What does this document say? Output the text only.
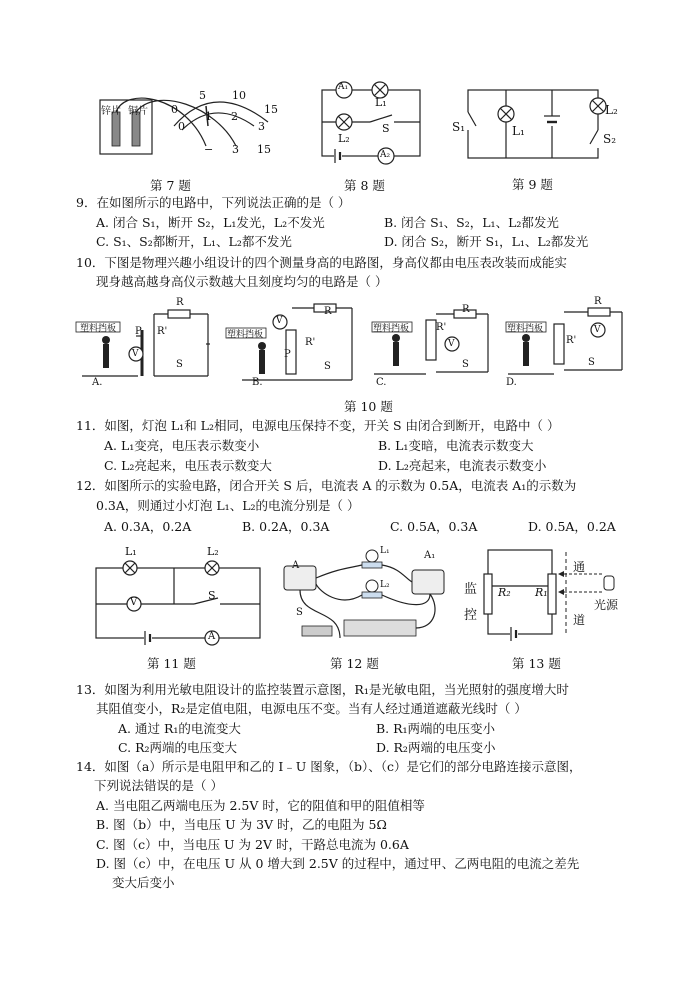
锌片 铜片 0
5 10
15
0
1 2
3
− 3 15
第 7 题
A₁
L₁
L₂
S
A₂
第 8 题
S₁	L₁
L₂
S₂
第 9 题
9．在如图所示的电路中，下列说法正确的是（ ）
A. 闭合 S₁，断开 S₂，L₁发光，L₂不发光	B. 闭合 S₁、S₂，L₁、L₂都发光
C. S₁、S₂都断开，L₁、L₂都不发光	D. 闭合 S₂，断开 S₁，L₁、L₂都发光
10．下图是物理兴趣小组设计的四个测量身高的电路图，身高仪都由电压表改装而成能实
现身越高越身高仪示数越大且刻度均匀的电路是（ ）
塑料挡板
塑料挡板
塑料挡板	塑料挡板
A.	B.	C.	D.
R
R'
P
V
S
R
R'
P
V
S
R
R'
V
S
R
R'
V
S
第 10 题
11．如图，灯泡 L₁和 L₂相同，电源电压保持不变，开关 S 由闭合到断开，电路中（ ）
A. L₁变亮，电压表示数变小	B. L₁变暗，电流表示数变大
C. L₂亮起来，电压表示数变大	D. L₂亮起来，电流表示数变小
12．如图所示的实验电路，闭合开关 S 后，电流表 A 的示数为 0.5A，电流表 A₁的示数为
0.3A，则通过小灯泡 L₁、L₂的电流分别是（ ）
A. 0.3A，0.2A	B. 0.2A，0.3A	C. 0.5A，0.3A	D. 0.5A，0.2A
L₁	L₂
V
S
A
第 11 题
A
L₁	A₁
L₂
S
第 12 题
监
控
R₂ R₁
通
道
光源
第 13 题
13．如图为利用光敏电阻设计的监控装置示意图，R₁是光敏电阻，当光照射的强度增大时
其阻值变小，R₂是定值电阻，电源电压不变。当有人经过通道遮蔽光线时（ ）
A. 通过 R₁的电流变大	B. R₁两端的电压变小
C. R₂两端的电压变大	D. R₂两端的电压变小
14．如图（a）所示是电阻甲和乙的 I﹣U 图象，（b）、（c）是它们的部分电路连接示意图，
下列说法错误的是（ ）
A. 当电阻乙两端电压为 2.5V 时，它的阻值和甲的阻值相等
B. 图（b）中，当电压 U 为 3V 时，乙的电阻为 5Ω
C. 图（c）中，当电压 U 为 2V 时，干路总电流为 0.6A
D. 图（c）中，在电压 U 从 0 增大到 2.5V 的过程中，通过甲、乙两电阻的电流之差先
变大后变小
